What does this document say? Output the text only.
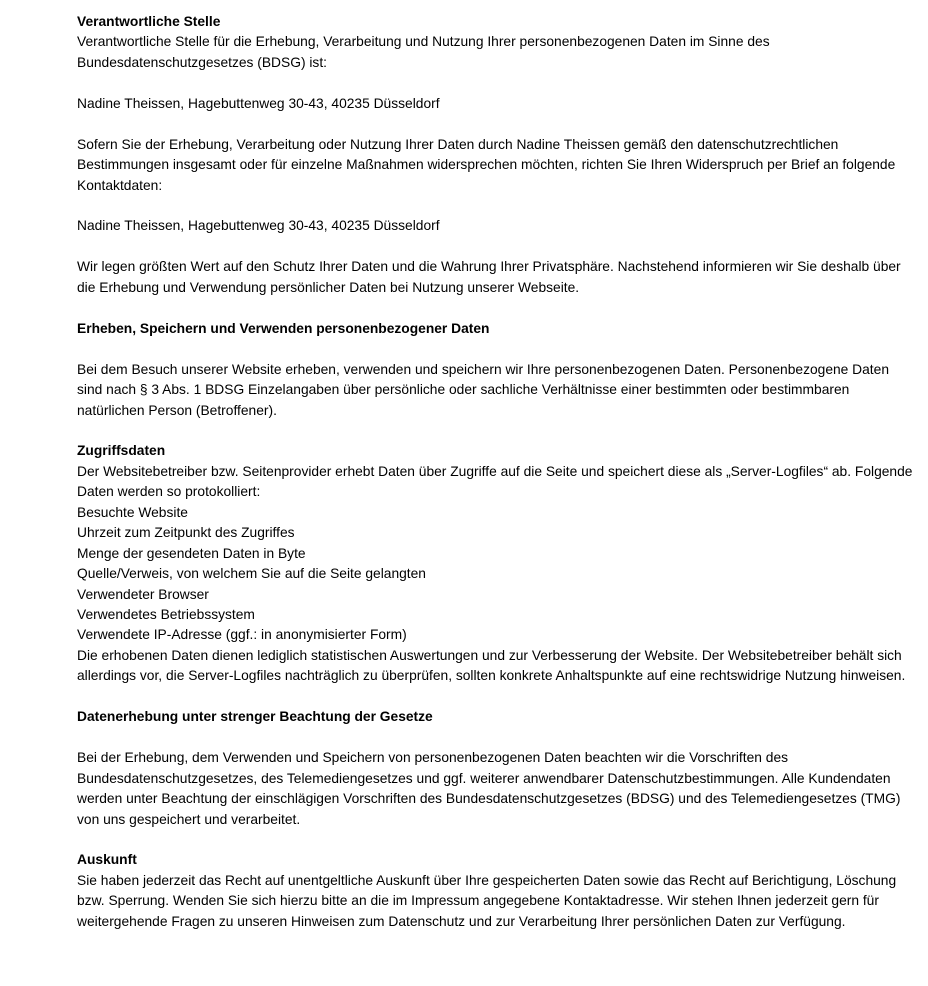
Verantwortliche Stelle

Verantwortliche Stelle für die Erhebung, Verarbeitung und Nutzung Ihrer personenbezogenen Daten im Sinne des Bundesdatenschutzgesetzes (BDSG) ist:

Nadine Theissen, Hagebuttenweg 30-43, 40235 Düsseldorf

Sofern Sie der Erhebung, Verarbeitung oder Nutzung Ihrer Daten durch Nadine Theissen gemäß den datenschutzrechtlichen Bestimmungen insgesamt oder für einzelne Maßnahmen widersprechen möchten, richten Sie Ihren Widerspruch per Brief an folgende Kontaktdaten:

Nadine Theissen, Hagebuttenweg 30-43, 40235 Düsseldorf

Wir legen größten Wert auf den Schutz Ihrer Daten und die Wahrung Ihrer Privatsphäre. Nachstehend informieren wir Sie deshalb über die Erhebung und Verwendung persönlicher Daten bei Nutzung unserer Webseite.

Erheben, Speichern und Verwenden personenbezogener Daten

Bei dem Besuch unserer Website erheben, verwenden und speichern wir Ihre personenbezogenen Daten. Personenbezogene Daten sind nach § 3 Abs. 1 BDSG Einzelangaben über persönliche oder sachliche Verhältnisse einer bestimmten oder bestimmbaren natürlichen Person (Betroffener).

Zugriffsdaten

Der Websitebetreiber bzw. Seitenprovider erhebt Daten über Zugriffe auf die Seite und speichert diese als „Server-Logfiles“ ab. Folgende Daten werden so protokolliert:

Besuchte Website
Uhrzeit zum Zeitpunkt des Zugriffes
Menge der gesendeten Daten in Byte
Quelle/Verweis, von welchem Sie auf die Seite gelangten
Verwendeter Browser
Verwendetes Betriebssystem
Verwendete IP-Adresse (ggf.: in anonymisierter Form)

Die erhobenen Daten dienen lediglich statistischen Auswertungen und zur Verbesserung der Website. Der Websitebetreiber behält sich allerdings vor, die Server-Logfiles nachträglich zu überprüfen, sollten konkrete Anhaltspunkte auf eine rechtswidrige Nutzung hinweisen.

Datenerhebung unter strenger Beachtung der Gesetze

Bei der Erhebung, dem Verwenden und Speichern von personenbezogenen Daten beachten wir die Vorschriften des Bundesdatenschutzgesetzes, des Telemediengesetzes und ggf. weiterer anwendbarer Datenschutzbestimmungen. Alle Kundendaten werden unter Beachtung der einschlägigen Vorschriften des Bundesdatenschutzgesetzes (BDSG) und des Telemediengesetzes (TMG) von uns gespeichert und verarbeitet.

Auskunft

Sie haben jederzeit das Recht auf unentgeltliche Auskunft über Ihre gespeicherten Daten sowie das Recht auf Berichtigung, Löschung bzw. Sperrung. Wenden Sie sich hierzu bitte an die im Impressum angegebene Kontaktadresse. Wir stehen Ihnen jederzeit gern für weitergehende Fragen zu unseren Hinweisen zum Datenschutz und zur Verarbeitung Ihrer persönlichen Daten zur Verfügung.
